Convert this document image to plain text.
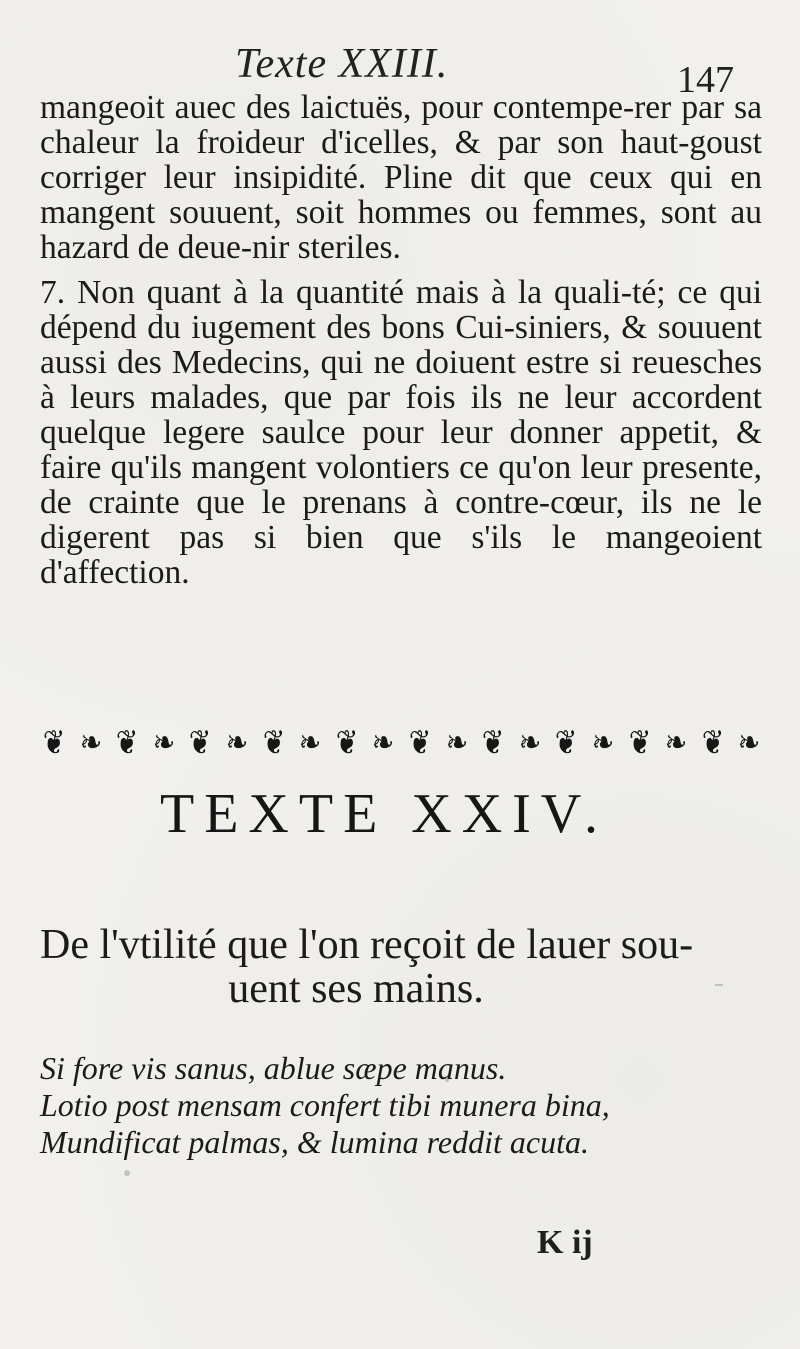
Texte XXIII.	147

mangeoit auec des laictuës, pour contempe-rer par sa chaleur la froideur d'icelles, & par son haut-goust corriger leur insipidité. Pline dit que ceux qui en mangent souuent, soit hommes ou femmes, sont au hazard de deue-nir steriles.

7. Non quant à la quantité mais à la quali-té; ce qui dépend du iugement des bons Cui-siniers, & souuent aussi des Medecins, qui ne doiuent estre si reuesches à leurs malades, que par fois ils ne leur accordent quelque legere saulce pour leur donner appetit, & faire qu'ils mangent volontiers ce qu'on leur presente, de crainte que le prenans à contre-cœur, ils ne le digerent pas si bien que s'ils le mangeoient d'affection.

❦ ❧ ❦ ❧ ❦ ❧ ❦ ❧ ❦ ❧ ❦ ❧ ❦ ❧ ❦ ❧ ❦ ❧ ❦ ❧
TEXTE XXIV.
De l'vtilité que l'on reçoit de lauer sou-
uent ses mains.
Si fore vis sanus, ablue sæpe manus.
Lotio post mensam confert tibi munera bina,
Mundificat palmas, & lumina reddit acuta.
K ij
